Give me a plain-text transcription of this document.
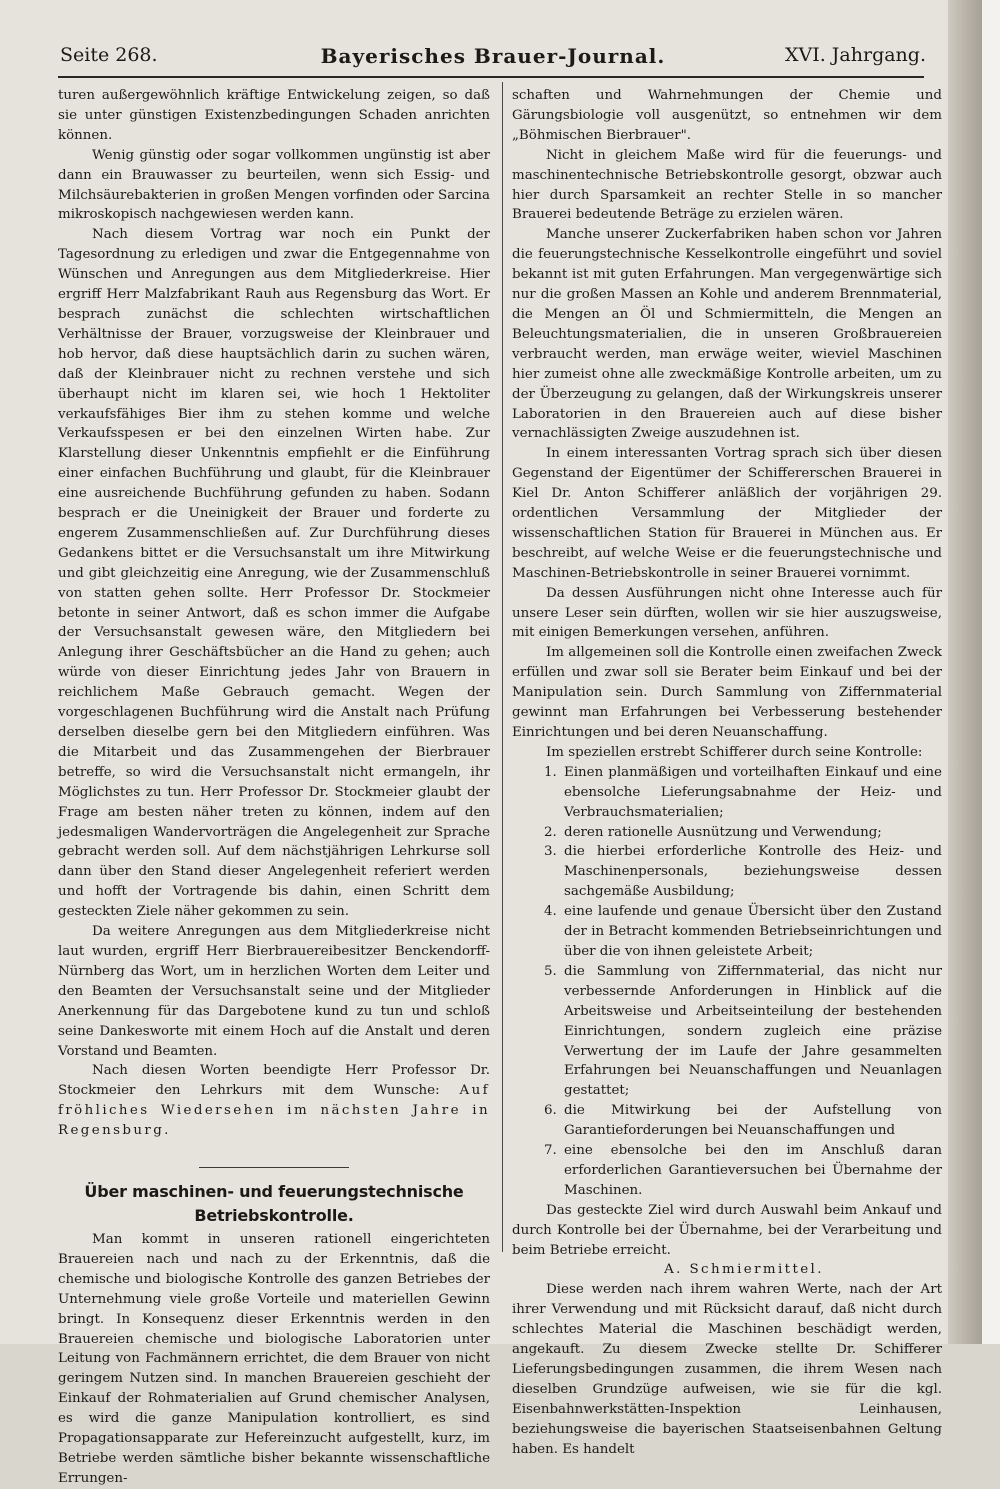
Bayerisches Brauer-Journal.
Seite 268.	XVI. Jahrgang.

turen außergewöhnlich kräftige Entwickelung zeigen, so daß sie unter günstigen Existenzbedingungen Schaden anrichten können.

Wenig günstig oder sogar vollkommen ungünstig ist aber dann ein Brauwasser zu beurteilen, wenn sich Essig- und Milchsäurebakterien in großen Mengen vorfinden oder Sarcina mikroskopisch nachgewiesen werden kann.

Nach diesem Vortrag war noch ein Punkt der Tagesordnung zu erledigen und zwar die Entgegennahme von Wünschen und Anregungen aus dem Mitgliederkreise. Hier ergriff Herr Malzfabrikant Rauh aus Regensburg das Wort. Er besprach zunächst die schlechten wirtschaftlichen Verhältnisse der Brauer, vorzugsweise der Kleinbrauer und hob hervor, daß diese hauptsächlich darin zu suchen wären, daß der Kleinbrauer nicht zu rechnen verstehe und sich überhaupt nicht im klaren sei, wie hoch 1 Hektoliter verkaufsfähiges Bier ihm zu stehen komme und welche Verkaufsspesen er bei den einzelnen Wirten habe. Zur Klarstellung dieser Unkenntnis empfiehlt er die Einführung einer einfachen Buchführung und glaubt, für die Kleinbrauer eine ausreichende Buchführung gefunden zu haben. Sodann besprach er die Uneinigkeit der Brauer und forderte zu engerem Zusammenschließen auf. Zur Durchführung dieses Gedankens bittet er die Versuchsanstalt um ihre Mitwirkung und gibt gleichzeitig eine Anregung, wie der Zusammenschluß von statten gehen sollte. Herr Professor Dr. Stockmeier betonte in seiner Antwort, daß es schon immer die Aufgabe der Versuchsanstalt gewesen wäre, den Mitgliedern bei Anlegung ihrer Geschäftsbücher an die Hand zu gehen; auch würde von dieser Einrichtung jedes Jahr von Brauern in reichlichem Maße Gebrauch gemacht. Wegen der vorgeschlagenen Buchführung wird die Anstalt nach Prüfung derselben dieselbe gern bei den Mitgliedern einführen. Was die Mitarbeit und das Zusammengehen der Bierbrauer betreffe, so wird die Versuchsanstalt nicht ermangeln, ihr Möglichstes zu tun. Herr Professor Dr. Stockmeier glaubt der Frage am besten näher treten zu können, indem auf den jedesmaligen Wandervorträgen die Angelegenheit zur Sprache gebracht werden soll. Auf dem nächstjährigen Lehrkurse soll dann über den Stand dieser Angelegenheit referiert werden und hofft der Vortragende bis dahin, einen Schritt dem gesteckten Ziele näher gekommen zu sein.

Da weitere Anregungen aus dem Mitgliederkreise nicht laut wurden, ergriff Herr Bierbrauereibesitzer Benckendorff-Nürnberg das Wort, um in herzlichen Worten dem Leiter und den Beamten der Versuchsanstalt seine und der Mitglieder Anerkennung für das Dargebotene kund zu tun und schloß seine Dankesworte mit einem Hoch auf die Anstalt und deren Vorstand und Beamten.

Nach diesen Worten beendigte Herr Professor Dr. Stockmeier den Lehrkurs mit dem Wunsche: Auf fröhliches Wiedersehen im nächsten Jahre in Regensburg.

Über maschinen- und feuerungstechnische Betriebskontrolle.

Man kommt in unseren rationell eingerichteten Brauereien nach und nach zu der Erkenntnis, daß die chemische und biologische Kontrolle des ganzen Betriebes der Unternehmung viele große Vorteile und materiellen Gewinn bringt. In Konsequenz dieser Erkenntnis werden in den Brauereien chemische und biologische Laboratorien unter Leitung von Fachmännern errichtet, die dem Brauer von nicht geringem Nutzen sind. In manchen Brauereien geschieht der Einkauf der Rohmaterialien auf Grund chemischer Analysen, es wird die ganze Manipulation kontrolliert, es sind Propagationsapparate zur Hefereinzucht aufgestellt, kurz, im Betriebe werden sämtliche bisher bekannte wissenschaftliche Errungen-

schaften und Wahrnehmungen der Chemie und Gärungsbiologie voll ausgenützt, so entnehmen wir dem „Böhmischen Bierbrauer".

Nicht in gleichem Maße wird für die feuerungs- und maschinentechnische Betriebskontrolle gesorgt, obzwar auch hier durch Sparsamkeit an rechter Stelle in so mancher Brauerei bedeutende Beträge zu erzielen wären.

Manche unserer Zuckerfabriken haben schon vor Jahren die feuerungstechnische Kesselkontrolle eingeführt und soviel bekannt ist mit guten Erfahrungen. Man vergegenwärtige sich nur die großen Massen an Kohle und anderem Brennmaterial, die Mengen an Öl und Schmiermitteln, die Mengen an Beleuchtungsmaterialien, die in unseren Großbrauereien verbraucht werden, man erwäge weiter, wieviel Maschinen hier zumeist ohne alle zweckmäßige Kontrolle arbeiten, um zu der Überzeugung zu gelangen, daß der Wirkungskreis unserer Laboratorien in den Brauereien auch auf diese bisher vernachlässigten Zweige auszudehnen ist.

In einem interessanten Vortrag sprach sich über diesen Gegenstand der Eigentümer der Schiffererschen Brauerei in Kiel Dr. Anton Schifferer anläßlich der vorjährigen 29. ordentlichen Versammlung der Mitglieder der wissenschaftlichen Station für Brauerei in München aus. Er beschreibt, auf welche Weise er die feuerungstechnische und Maschinen-Betriebskontrolle in seiner Brauerei vornimmt.

Da dessen Ausführungen nicht ohne Interesse auch für unsere Leser sein dürften, wollen wir sie hier auszugsweise, mit einigen Bemerkungen versehen, anführen.

Im allgemeinen soll die Kontrolle einen zweifachen Zweck erfüllen und zwar soll sie Berater beim Einkauf und bei der Manipulation sein. Durch Sammlung von Ziffernmaterial gewinnt man Erfahrungen bei Verbesserung bestehender Einrichtungen und bei deren Neuanschaffung.

Im speziellen erstrebt Schifferer durch seine Kontrolle:

1. Einen planmäßigen und vorteilhaften Einkauf und eine ebensolche Lieferungsabnahme der Heiz- und Verbrauchsmaterialien;
2. deren rationelle Ausnützung und Verwendung;
3. die hierbei erforderliche Kontrolle des Heiz- und Maschinenpersonals, beziehungsweise dessen sachgemäße Ausbildung;
4. eine laufende und genaue Übersicht über den Zustand der in Betracht kommenden Betriebseinrichtungen und über die von ihnen geleistete Arbeit;
5. die Sammlung von Ziffernmaterial, das nicht nur verbessernde Anforderungen in Hinblick auf die Arbeitsweise und Arbeitseinteilung der bestehenden Einrichtungen, sondern zugleich eine präzise Verwertung der im Laufe der Jahre gesammelten Erfahrungen bei Neuanschaffungen und Neuanlagen gestattet;
6. die Mitwirkung bei der Aufstellung von Garantieforderungen bei Neuanschaffungen und
7. eine ebensolche bei den im Anschluß daran erforderlichen Garantieversuchen bei Übernahme der Maschinen.

Das gesteckte Ziel wird durch Auswahl beim Ankauf und durch Kontrolle bei der Übernahme, bei der Verarbeitung und beim Betriebe erreicht.

A. Schmiermittel.

Diese werden nach ihrem wahren Werte, nach der Art ihrer Verwendung und mit Rücksicht darauf, daß nicht durch schlechtes Material die Maschinen beschädigt werden, angekauft. Zu diesem Zwecke stellte Dr. Schifferer Lieferungsbedingungen zusammen, die ihrem Wesen nach dieselben Grundzüge aufweisen, wie sie für die kgl. Eisenbahnwerkstätten-Inspektion Leinhausen, beziehungsweise die bayerischen Staatseisenbahnen Geltung haben. Es handelt
